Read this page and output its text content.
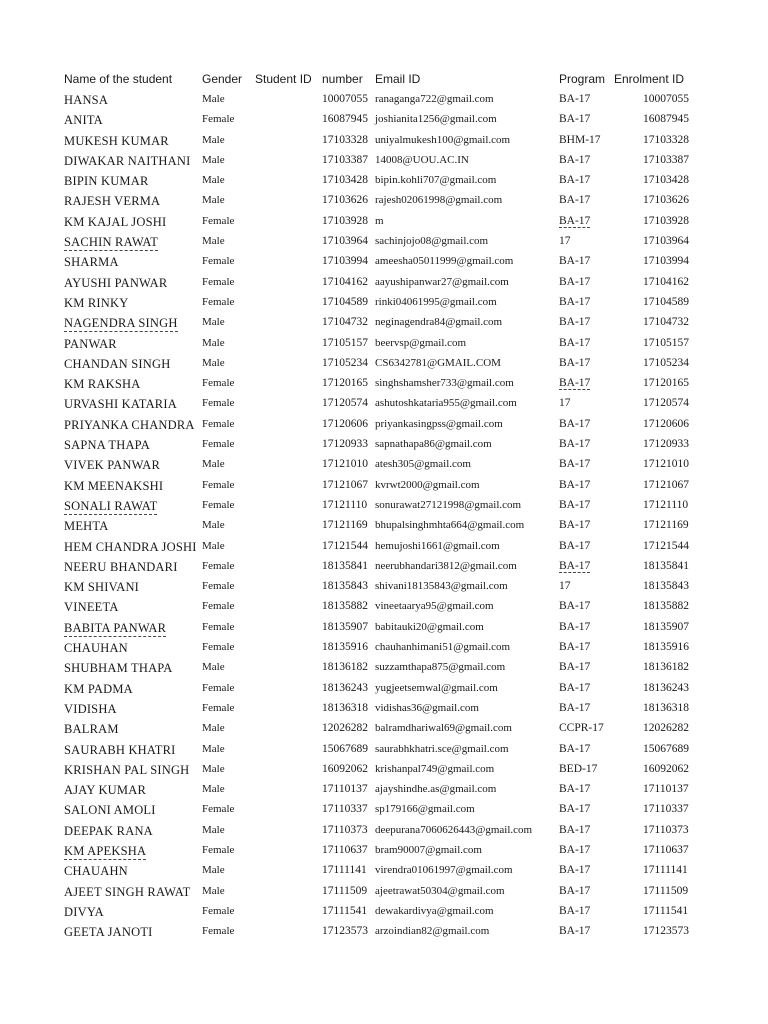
Name of the student Gender Student ID number Email ID	Program Enrolment ID
HANSA	Male	10007055 ranaganga722@gmail.com	BA-17	10007055
ANITA	Female	16087945 joshianita1256@gmail.com	BA-17	16087945
MUKESH KUMAR	Male	17103328 uniyalmukesh100@gmail.com	BHM-17	17103328
DIWAKAR NAITHANI Male	17103387 14008@UOU.AC.IN	BA-17	17103387
BIPIN KUMAR	Male	17103428 bipin.kohli707@gmail.com	BA-17	17103428
RAJESH VERMA	Male	17103626 rajesh02061998@gmail.com	BA-17	17103626
KM KAJAL JOSHI	Female	17103928 m	BA-17	17103928
SACHIN RAWAT	Male	17103964 sachinjojo08@gmail.com	17	17103964
SHARMA	Female	17103994 ameesha05011999@gmail.com	BA-17	17103994
AYUSHI PANWAR	Female	17104162 aayushipanwar27@gmail.com	BA-17	17104162
KM RINKY	Female	17104589 rinki04061995@gmail.com	BA-17	17104589
NAGENDRA SINGH Male	17104732 neginagendra84@gmail.com	BA-17	17104732
PANWAR	Male	17105157 beervsp@gmail.com	BA-17	17105157
CHANDAN SINGH	Male	17105234 CS6342781@GMAIL.COM	BA-17	17105234
KM RAKSHA	Female	17120165 singhshamsher733@gmail.com	BA-17	17120165
URVASHI KATARIA Female	17120574 ashutoshkataria955@gmail.com	17	17120574
PRIYANKA CHANDRA Female	17120606 priyankasingpss@gmail.com	BA-17	17120606
SAPNA THAPA	Female	17120933 sapnathapa86@gmail.com	BA-17	17120933
VIVEK PANWAR	Male	17121010 atesh305@gmail.com	BA-17	17121010
KM MEENAKSHI	Female	17121067 kvrwt2000@gmail.com	BA-17	17121067
SONALI RAWAT	Female	17121110 sonurawat27121998@gmail.com	BA-17	17121110
MEHTA	Male	17121169 bhupalsinghmhta664@gmail.com	BA-17	17121169
HEM CHANDRA JOSHI Male	17121544 hemujoshi1661@gmail.com	BA-17	17121544
NEERU BHANDARI Female	18135841 neerubhandari3812@gmail.com	BA-17	18135841
KM SHIVANI	Female	18135843 shivani18135843@gmail.com	17	18135843
VINEETA	Female	18135882 vineetaarya95@gmail.com	BA-17	18135882
BABITA PANWAR	Female	18135907 babitauki20@gmail.com	BA-17	18135907
CHAUHAN	Female	18135916 chauhanhimani51@gmail.com	BA-17	18135916
SHUBHAM THAPA	Male	18136182 suzzamthapa875@gmail.com	BA-17	18136182
KM PADMA	Female	18136243 yugjeetsemwal@gmail.com	BA-17	18136243
VIDISHA	Female	18136318 vidishas36@gmail.com	BA-17	18136318
BALRAM	Male	12026282 balramdhariwal69@gmail.com	CCPR-17	12026282
SAURABH KHATRI Male	15067689 saurabhkhatri.sce@gmail.com	BA-17	15067689
KRISHAN PAL SINGH Male	16092062 krishanpal749@gmail.com	BED-17	16092062
AJAY KUMAR	Male	17110137 ajayshindhe.as@gmail.com	BA-17	17110137
SALONI AMOLI	Female	17110337 sp179166@gmail.com	BA-17	17110337
DEEPAK RANA	Male	17110373 deepurana7060626443@gmail.com BA-17	17110373
KM APEKSHA	Female	17110637 bram90007@gmail.com	BA-17	17110637
CHAUAHN	Male	17111141 virendra01061997@gmail.com	BA-17	17111141
AJEET SINGH RAWAT Male	17111509 ajeetrawat50304@gmail.com	BA-17	17111509
DIVYA	Female	17111541 dewakardivya@gmail.com	BA-17	17111541
GEETA JANOTI	Female	17123573 arzoindian82@gmail.com	BA-17	17123573
